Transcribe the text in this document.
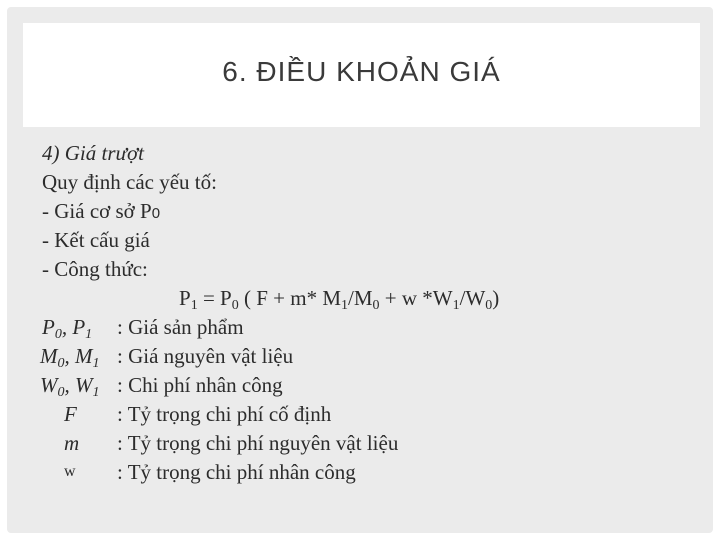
6. ĐIỀU KHOẢN GIÁ
4) Giá trượt
Quy định các yếu tố:
- Giá cơ sở P0
- Kết cấu giá
- Công thức:
$P_1 = P_0$ ( F + m* $M_1/M_0 + w$ $*W_1/W_0$)
$P_0$, $P_1$ : Giá sản phẩm
$M_0$, $M_1$ : Giá nguyên vật liệu
$W_0$, $W_1$ : Chi phí nhân công
F : Tỷ trọng chi phí cố định
m : Tỷ trọng chi phí nguyên vật liệu
w : Tỷ trọng chi phí nhân công
